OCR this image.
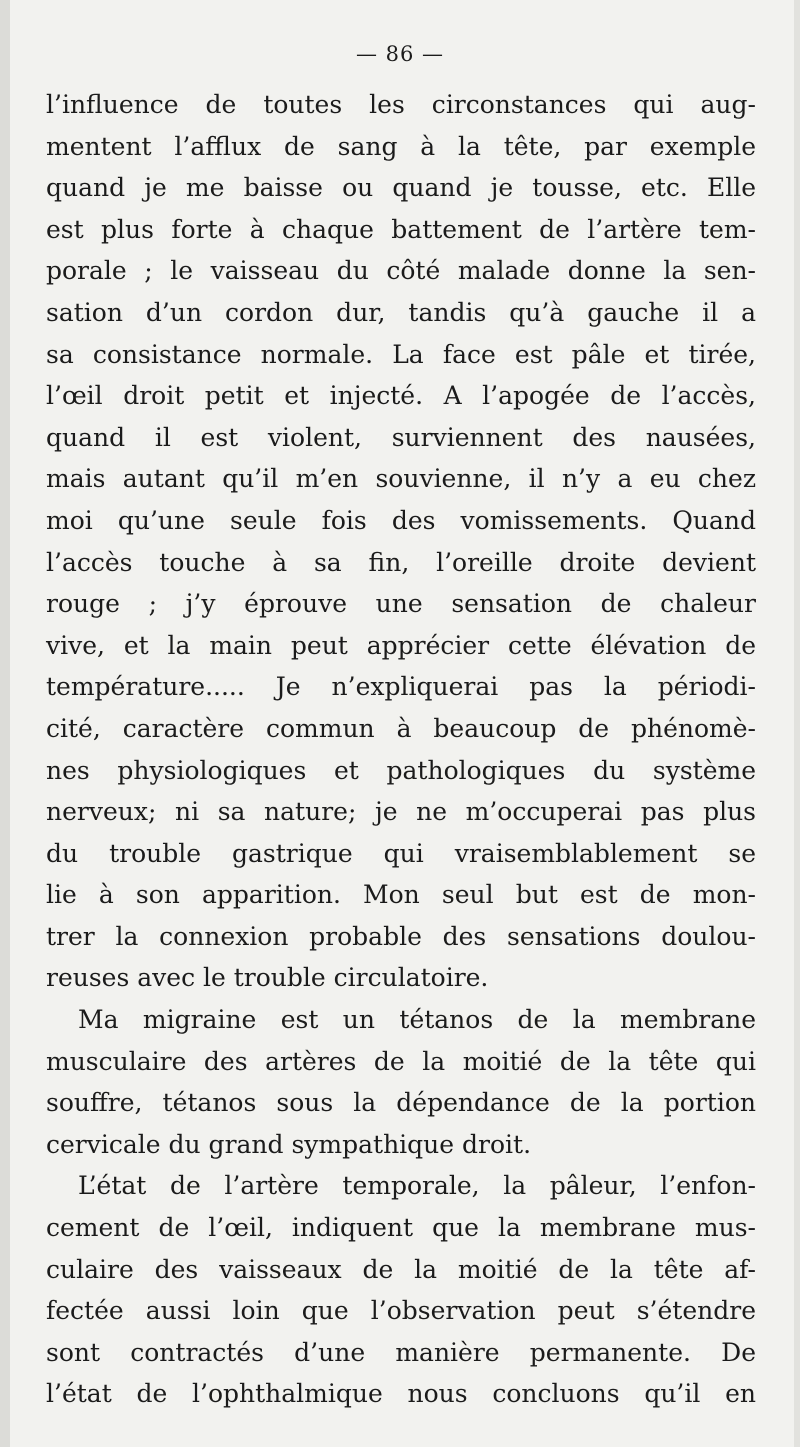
— 86 —
l’influence de toutes les circonstances qui aug-
mentent l’afflux de sang à la tête, par exemple
quand je me baisse ou quand je tousse, etc. Elle
est plus forte à chaque battement de l’artère tem-
porale ; le vaisseau du côté malade donne la sen-
sation d’un cordon dur, tandis qu’à gauche il a
sa consistance normale. La face est pâle et tirée,
l’œil droit petit et injecté. A l’apogée de l’accès,
quand il est violent, surviennent des nausées,
mais autant qu’il m’en souvienne, il n’y a eu chez
moi qu’une seule fois des vomissements. Quand
l’accès touche à sa fin, l’oreille droite devient
rouge ; j’y éprouve une sensation de chaleur
vive, et la main peut apprécier cette élévation de
température..... Je n’expliquerai pas la périodi-
cité, caractère commun à beaucoup de phénomè-
nes physiologiques et pathologiques du système
nerveux; ni sa nature; je ne m’occuperai pas plus
du trouble gastrique qui vraisemblablement se
lie à son apparition. Mon seul but est de mon-
trer la connexion probable des sensations doulou-
reuses avec le trouble circulatoire.
Ma migraine est un tétanos de la membrane
musculaire des artères de la moitié de la tête qui
souffre, tétanos sous la dépendance de la portion
cervicale du grand sympathique droit.
L’état de l’artère temporale, la pâleur, l’enfon-
cement de l’œil, indiquent que la membrane mus-
culaire des vaisseaux de la moitié de la tête af-
fectée aussi loin que l’observation peut s’étendre
sont contractés d’une manière permanente. De
l’état de l’ophthalmique nous concluons qu’il en
